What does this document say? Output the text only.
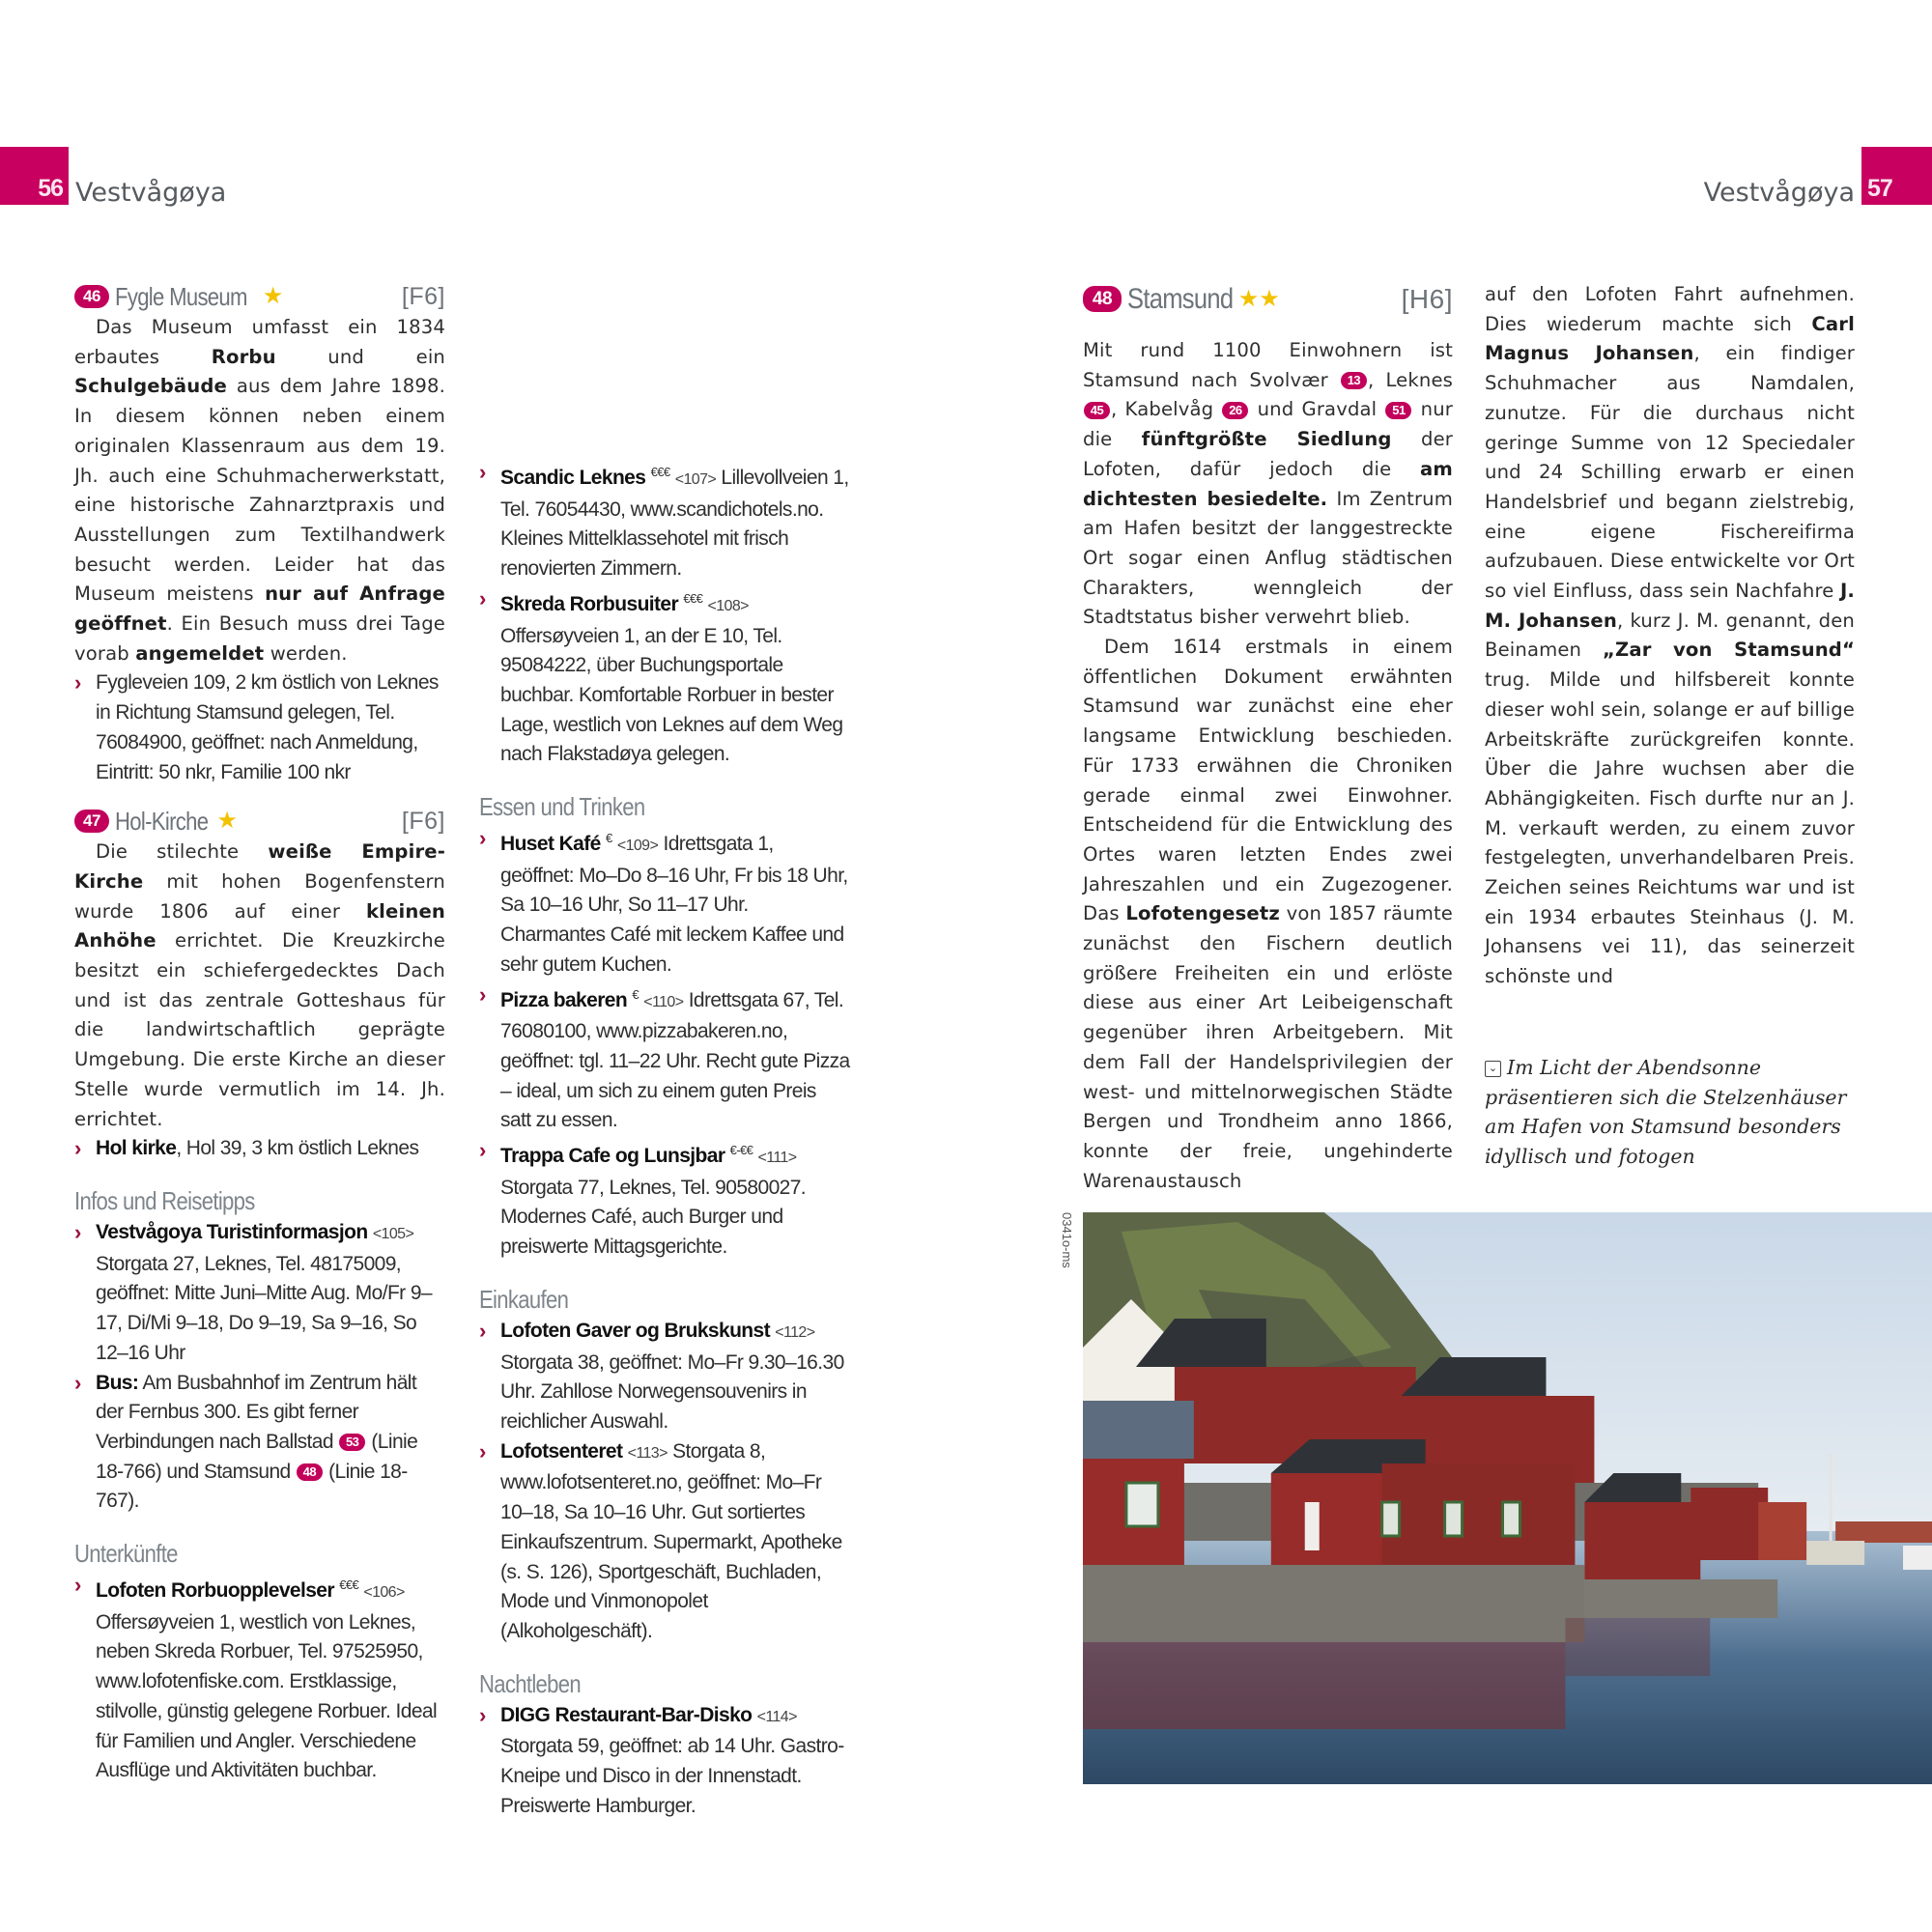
56 Vestvågøya	57
Vestvågøya
46 Fygle Museum ★	[F6]

Das Museum umfasst ein 1834 erbautes Rorbu und ein Schulgebäude aus dem Jahre 1898. In diesem können neben einem originalen Klassenraum aus dem 19. Jh. auch eine Schuhmacherwerkstatt, eine historische Zahnarztpraxis und Ausstellungen zum Textilhandwerk besucht werden. Leider hat das Museum meistens nur auf Anfrage geöffnet. Ein Besuch muss drei Tage vorab angemeldet werden.

› Fygleveien 109, 2 km östlich von Leknes in Richtung Stamsund gelegen, Tel. 76084900, geöffnet: nach Anmeldung, Eintritt: 50 nkr, Familie 100 nkr
47 Hol-Kirche ★	[F6]

Die stilechte weiße Empire-Kirche mit hohen Bogenfenstern wurde 1806 auf einer kleinen Anhöhe errichtet. Die Kreuzkirche besitzt ein schiefergedecktes Dach und ist das zentrale Gotteshaus für die landwirtschaftlich geprägte Umgebung. Die erste Kirche an dieser Stelle wurde vermutlich im 14. Jh. errichtet.

› Hol kirke, Hol 39, 3 km östlich Leknes
Infos und Reisetipps
› Vestvågoya Turistinformasjon <105> Storgata 27, Leknes, Tel. 48175009, geöffnet: Mitte Juni–Mitte Aug. Mo/Fr 9–17, Di/Mi 9–18, Do 9–19, Sa 9–16, So 12–16 Uhr
› Bus: Am Busbahnhof im Zentrum hält der Fernbus 300. Es gibt ferner Verbindungen nach Ballstad 53 (Linie 18-766) und Stamsund 48 (Linie 18-767).
Unterkünfte
› Lofoten Rorbuopplevelser €€€ <106> Offersøyveien 1, westlich von Leknes, neben Skreda Rorbuer, Tel. 97525950, www.lofotenfiske.com. Erstklassige, stilvolle, günstig gelegene Rorbuer. Ideal für Familien und Angler. Verschiedene Ausflüge und Aktivitäten buchbar.
› Scandic Leknes €€€ <107> Lillevollveien 1, Tel. 76054430, www.scandichotels.no. Kleines Mittelklassehotel mit frisch renovierten Zimmern.
› Skreda Rorbusuiter €€€ <108> Offersøyveien 1, an der E 10, Tel. 95084222, über Buchungsportale buchbar. Komfortable Rorbuer in bester Lage, westlich von Leknes auf dem Weg nach Flakstadøya gelegen.
Essen und Trinken
› Huset Kafé € <109> Idrettsgata 1, geöffnet: Mo–Do 8–16 Uhr, Fr bis 18 Uhr, Sa 10–16 Uhr, So 11–17 Uhr. Charmantes Café mit leckem Kaffee und sehr gutem Kuchen.
› Pizza bakeren € <110> Idrettsgata 67, Tel. 76080100, www.pizzabakeren.no, geöffnet: tgl. 11–22 Uhr. Recht gute Pizza – ideal, um sich zu einem guten Preis satt zu essen.
› Trappa Cafe og Lunsjbar €-€€ <111> Storgata 77, Leknes, Tel. 90580027. Modernes Café, auch Burger und preiswerte Mittagsgerichte.
Einkaufen
› Lofoten Gaver og Brukskunst <112> Storgata 38, geöffnet: Mo–Fr 9.30–16.30 Uhr. Zahllose Norwegensouvenirs in reichlicher Auswahl.
› Lofotsenteret <113> Storgata 8, www.lofotsenteret.no, geöffnet: Mo–Fr 10–18, Sa 10–16 Uhr. Gut sortiertes Einkaufszentrum. Supermarkt, Apotheke (s. S. 126), Sportgeschäft, Buchladen, Mode und Vinmonopolet (Alkoholgeschäft).
Nachtleben
› DIGG Restaurant-Bar-Disko <114> Storgata 59, geöffnet: ab 14 Uhr. Gastro-Kneipe und Disco in der Innenstadt. Preiswerte Hamburger.
48 Stamsund ★★	[H6]

Mit rund 1100 Einwohnern ist Stamsund nach Svolvær 13 , Leknes 45 , Kabelvåg 26 und Gravdal 51 nur die fünftgrößte Siedlung der Lofoten, dafür jedoch die am dichtesten besiedelte. Im Zentrum am Hafen besitzt der langgestreckte Ort sogar einen Anflug städtischen Charakters, wenngleich der Stadtstatus bisher verwehrt blieb.

Dem 1614 erstmals in einem öffentlichen Dokument erwähnten Stamsund war zunächst eine eher langsame Entwicklung beschieden. Für 1733 erwähnen die Chroniken gerade einmal zwei Einwohner. Entscheidend für die Entwicklung des Ortes waren letzten Endes zwei Jahreszahlen und ein Zugezogener. Das Lofotengesetz von 1857 räumte zunächst den Fischern deutlich größere Freiheiten ein und erlöste diese aus einer Art Leibeigenschaft gegenüber ihren Arbeitgebern. Mit dem Fall der Handelsprivilegien der west- und mittelnorwegischen Städte Bergen und Trondheim anno 1866, konnte der freie, ungehinderte Warenaustausch

auf den Lofoten Fahrt aufnehmen. Dies wiederum machte sich Carl Magnus Johansen, ein findiger Schuhmacher aus Namdalen, zunutze. Für die durchaus nicht geringe Summe von 12 Speciedaler und 24 Schilling erwarb er einen Handelsbrief und begann zielstrebig, eine eigene Fischereifirma aufzubauen. Diese entwickelte vor Ort so viel Einfluss, dass sein Nachfahre J. M. Johansen, kurz J. M. genannt, den Beinamen „Zar von Stamsund“ trug. Milde und hilfsbereit konnte dieser wohl sein, solange er auf billige Arbeitskräfte zurückgreifen konnte. Über die Jahre wuchsen aber die Abhängigkeiten. Fisch durfte nur an J. M. verkauft werden, zu einem zuvor festgelegten, unverhandelbaren Preis. Zeichen seines Reichtums war und ist ein 1934 erbautes Steinhaus (J. M. Johansens vei 11), das seinerzeit schönste und

⌄ Im Licht der Abendsonne präsentieren sich die Stelzenhäuser am Hafen von Stamsund besonders idyllisch und fotogen
0341o-ms
